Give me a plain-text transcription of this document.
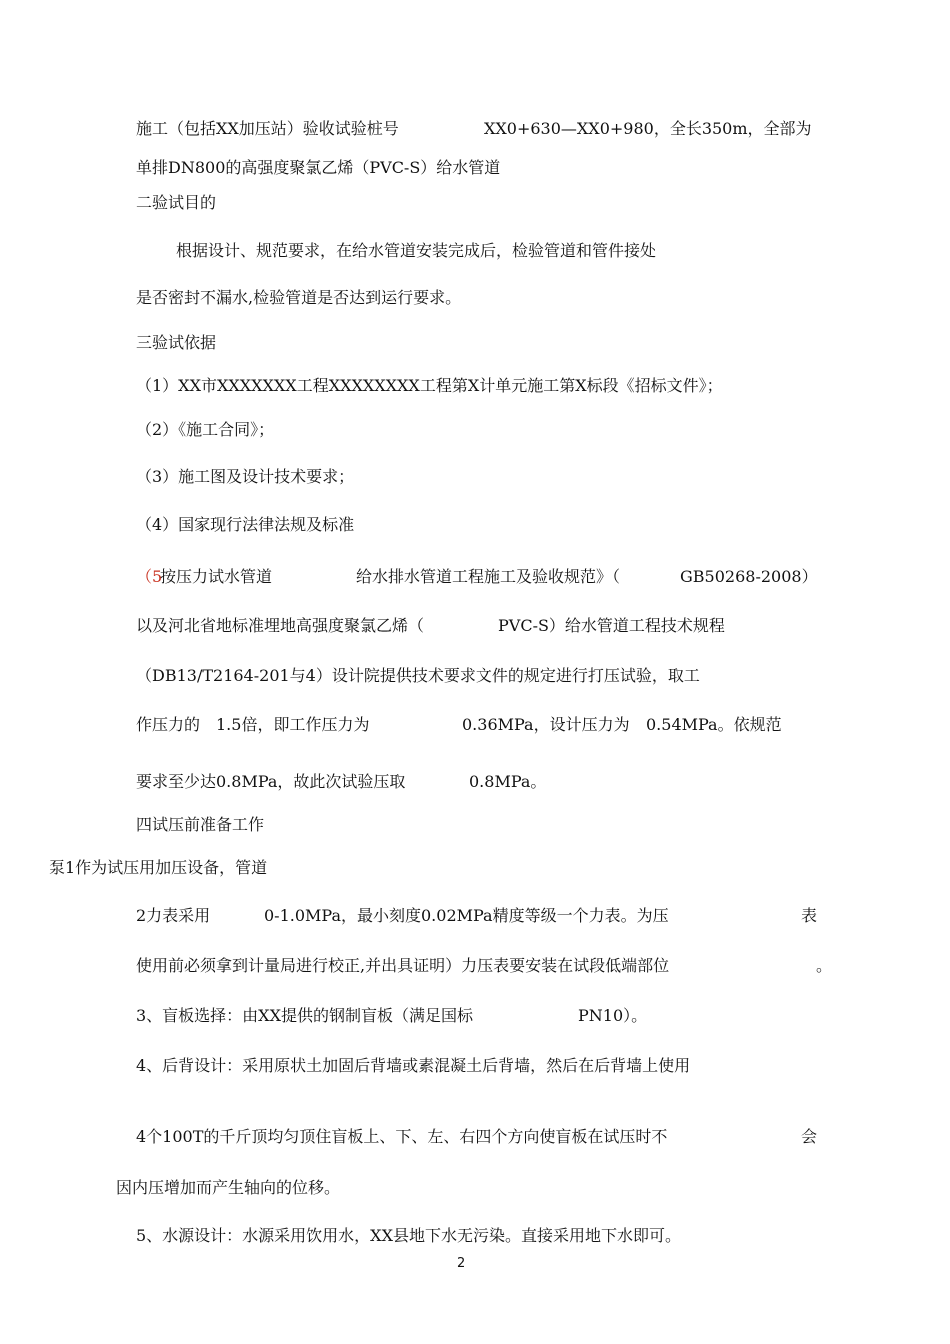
施工（包括XX加压站）验收试验桩号	XX0+630—XX0+980，全长350m，全部为
单排DN800的高强度聚氯乙烯（PVC-S）给水管道
二验试目的
根据设计、规范要求，在给水管道安装完成后，检验管道和管件接处
是否密封不漏水,检验管道是否达到运行要求。
三验试依据
（1）XX市XXXXXXX工程XXXXXXXX工程第X计单元施工第X标段《招标文件》；
（2）《施工合同》；
（3）施工图及设计技术要求；
（4）国家现行法律法规及标准
（5
按压力试水管道	给水排水管道工程施工及验收规范》（	GB50268-2008）
以及河北省地标准埋地高强度聚氯乙烯（	PVC-S）给水管道工程技术规程
（DB13/T2164-201与4）设计院提供技术要求文件的规定进行打压试验，取工
作压力的 1.5倍，即工作压力为	0.36MPa，设计压力为 0.54MPa。依规范
要求至少达0.8MPa，故此次试验压取	0.8MPa。
四试压前准备工作
泵1作为试压用加压设备，管道
2力表采用	0-1.0MPa，最小刻度0.02MPa精度等级一个力表。为压	表
使用前必须拿到计量局进行校正,并出具证明）力压表要安装在试段低端部位	。
3、盲板选择：由XX提供的钢制盲板（满足国标	PN10）。
4、后背设计：采用原状土加固后背墙或素混凝土后背墙，然后在后背墙上使用
4个100T的千斤顶均匀顶住盲板上、下、左、右四个方向使盲板在试压时不	会
因内压增加而产生轴向的位移。
5、水源设计：水源采用饮用水，XX县地下水无污染。直接采用地下水即可。
2
